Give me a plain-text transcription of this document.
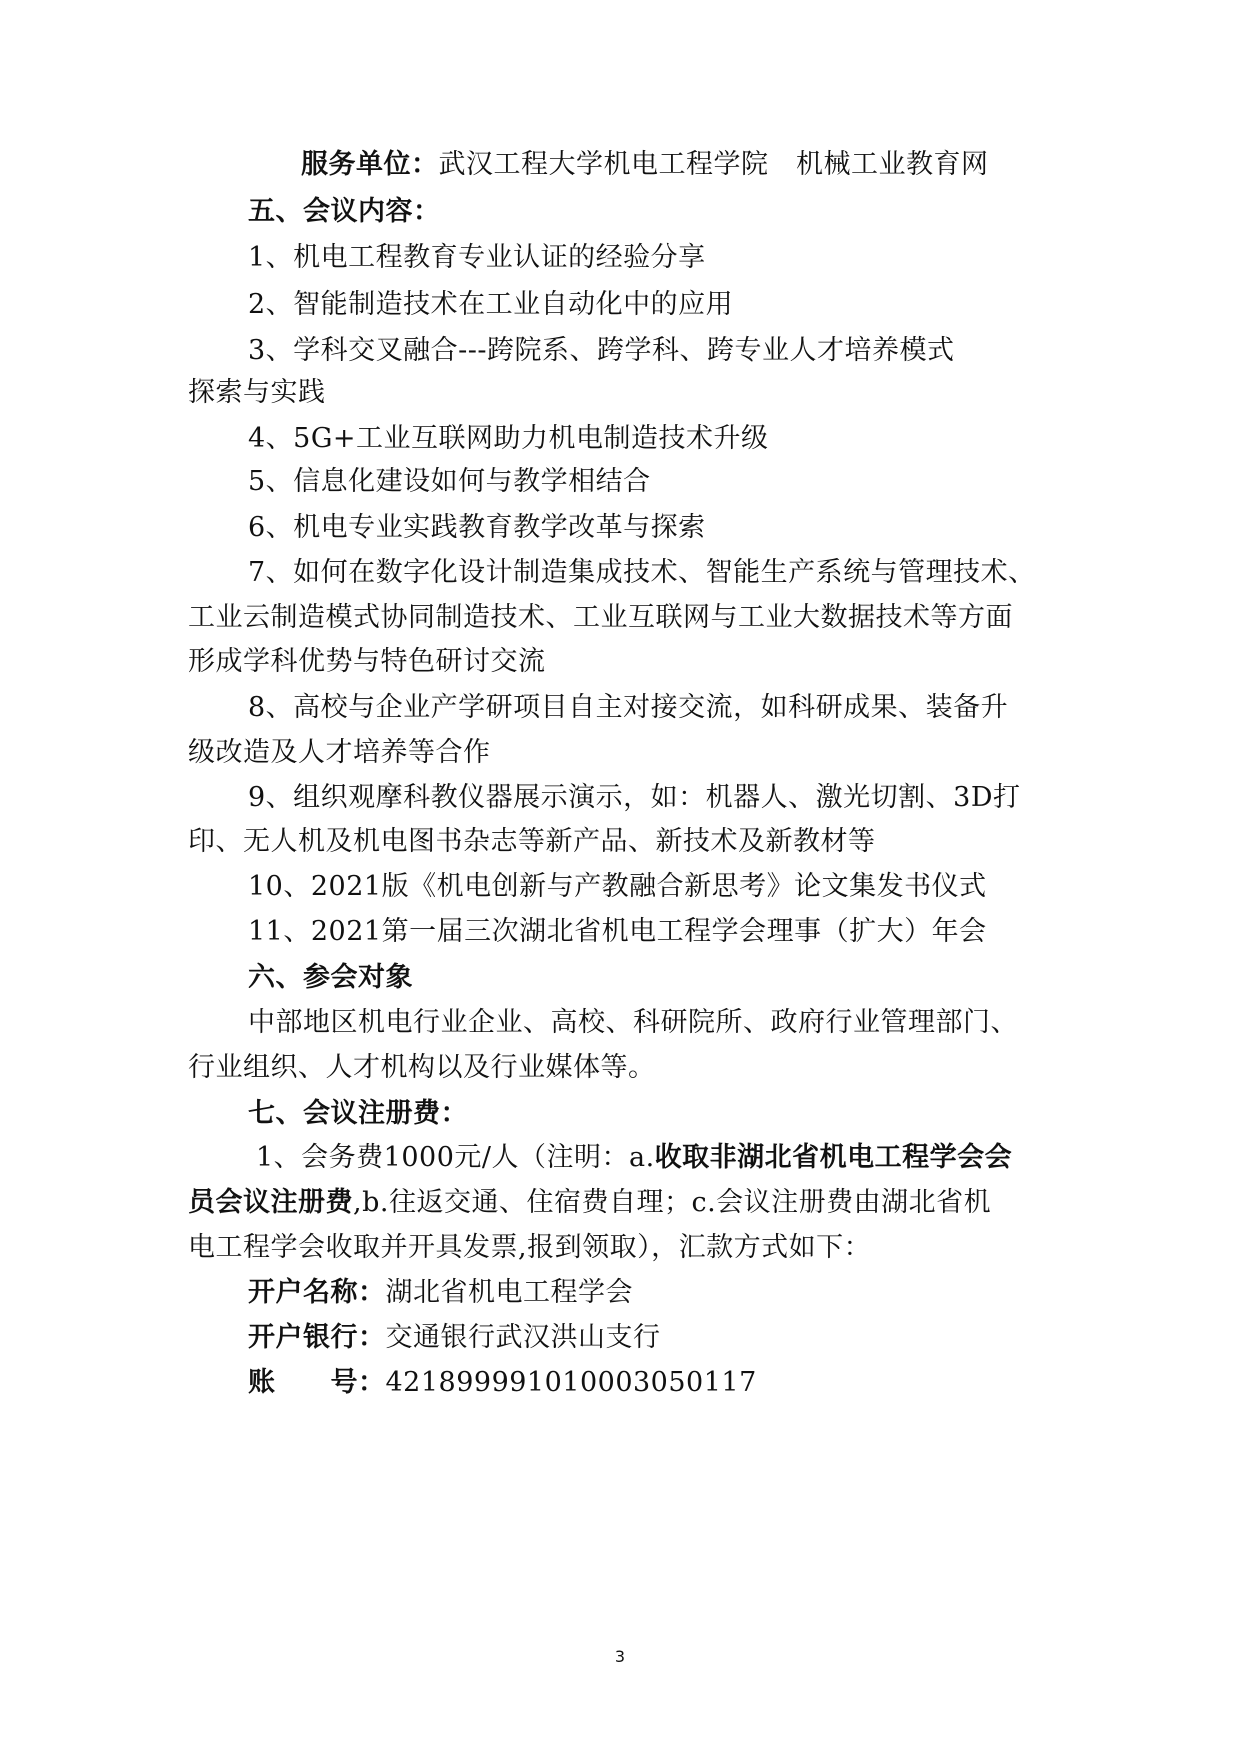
服务单位：武汉工程大学机电工程学院　机械工业教育网
五、会议内容：
1、机电工程教育专业认证的经验分享
2、智能制造技术在工业自动化中的应用
3、学科交叉融合---跨院系、跨学科、跨专业人才培养模式
探索与实践
4、5G+工业互联网助力机电制造技术升级
5、信息化建设如何与教学相结合
6、机电专业实践教育教学改革与探索
7、如何在数字化设计制造集成技术、智能生产系统与管理技术、
工业云制造模式协同制造技术、工业互联网与工业大数据技术等方面
形成学科优势与特色研讨交流
8、高校与企业产学研项目自主对接交流，如科研成果、装备升
级改造及人才培养等合作
9、组织观摩科教仪器展示演示，如：机器人、激光切割、3D打
印、无人机及机电图书杂志等新产品、新技术及新教材等
10、2021版《机电创新与产教融合新思考》论文集发书仪式
11、2021第一届三次湖北省机电工程学会理事（扩大）年会
六、参会对象
中部地区机电行业企业、高校、科研院所、政府行业管理部门、
行业组织、人才机构以及行业媒体等。
七、会议注册费：
1、会务费1000元/人（注明：a.收取非湖北省机电工程学会会
员会议注册费,b.往返交通、住宿费自理；c.会议注册费由湖北省机
电工程学会收取并开具发票,报到领取），汇款方式如下：
开户名称：湖北省机电工程学会
开户银行：交通银行武汉洪山支行
账　　号：421899991010003050117
3
